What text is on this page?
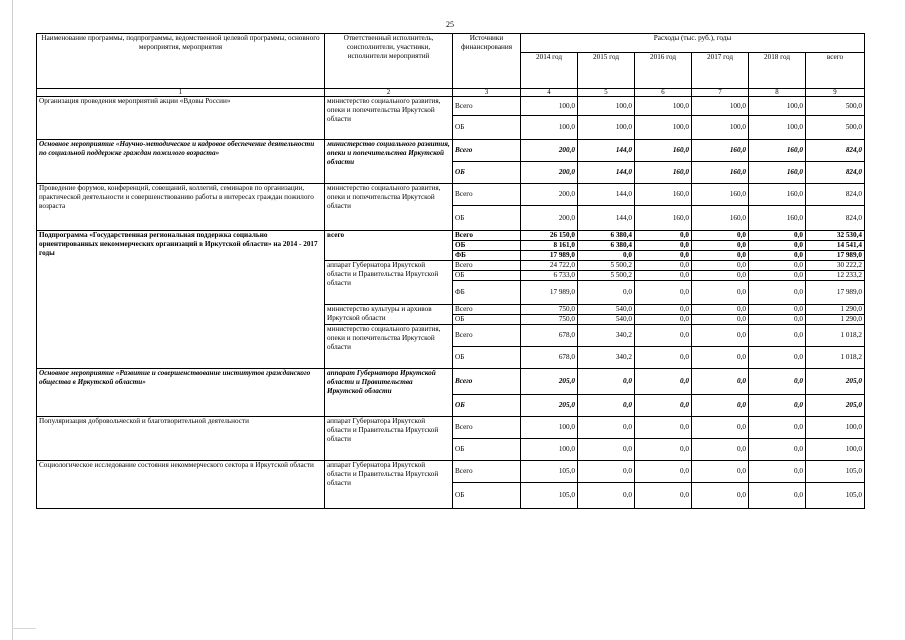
25
Наименование программы, подпрограммы, ведомственной целевой программы, основного мероприятия, мероприятия	Ответственный исполнитель, соисполнители, участники, исполнители мероприятий	Источники финансирования	Расходы (тыс. руб.), годы					
			2014 год	2015 год	2016 год	2017 год	2018 год	всего
1	2	3	4	5	6	7	8	9
Организация проведения мероприятий акции «Вдовы России»	министерство социального развития, опеки и попечительства Иркутской области	Всего	100,0	100,0	100,0	100,0	100,0	500,0
		ОБ	100,0	100,0	100,0	100,0	100,0	500,0
Основное мероприятие «Научно-методическое и кадровое обеспечение деятельности по социальной поддержке граждан пожилого возраста»	министерство социального развития, опеки и попечительства Иркутской области	Всего	200,0	144,0	160,0	160,0	160,0	824,0
		ОБ	200,0	144,0	160,0	160,0	160,0	824,0
Проведение форумов, конференций, совещаний, коллегий, семинаров по организации, практической деятельности и совершенствованию работы в интересах граждан пожилого возраста	министерство социального развития, опеки и попечительства Иркутской области	Всего	200,0	144,0	160,0	160,0	160,0	824,0
		ОБ	200,0	144,0	160,0	160,0	160,0	824,0
Подпрограмма «Государственная региональная поддержка социально ориентированных некоммерческих организаций в Иркутской области» на 2014 - 2017 годы	всего	Всего	26 150,0	6 380,4	0,0	0,0	0,0	32 530,4
		ОБ	8 161,0	6 380,4	0,0	0,0	0,0	14 541,4
		ФБ	17 989,0	0,0	0,0	0,0	0,0	17 989,0
	аппарат Губернатора Иркутской области и Правительства Иркутской области	Всего	24 722,0	5 500,2	0,0	0,0	0,0	30 222,2
		ОБ	6 733,0	5 500,2	0,0	0,0	0,0	12 233,2
		ФБ	17 989,0	0,0	0,0	0,0	0,0	17 989,0
	министерство культуры и архивов Иркутской области	Всего	750,0	540,0	0,0	0,0	0,0	1 290,0
		ОБ	750,0	540,0	0,0	0,0	0,0	1 290,0
	министерство социального развития, опеки и попечительства Иркутской области	Всего	678,0	340,2	0,0	0,0	0,0	1 018,2
		ОБ	678,0	340,2	0,0	0,0	0,0	1 018,2
Основное мероприятие «Развитие и совершенствование институтов гражданского общества в Иркутской области»	аппарат Губернатора Иркутской области и Правительства Иркутской области	Всего	205,0	0,0	0,0	0,0	0,0	205,0
		ОБ	205,0	0,0	0,0	0,0	0,0	205,0
Популяризация добровольческой и благотворительной деятельности	аппарат Губернатора Иркутской области и Правительства Иркутской области	Всего	100,0	0,0	0,0	0,0	0,0	100,0
		ОБ	100,0	0,0	0,0	0,0	0,0	100,0
Социологическое исследование состояния некоммерческого сектора в Иркутской области	аппарат Губернатора Иркутской области и Правительства Иркутской области	Всего	105,0	0,0	0,0	0,0	0,0	105,0
		ОБ	105,0	0,0	0,0	0,0	0,0	105,0
